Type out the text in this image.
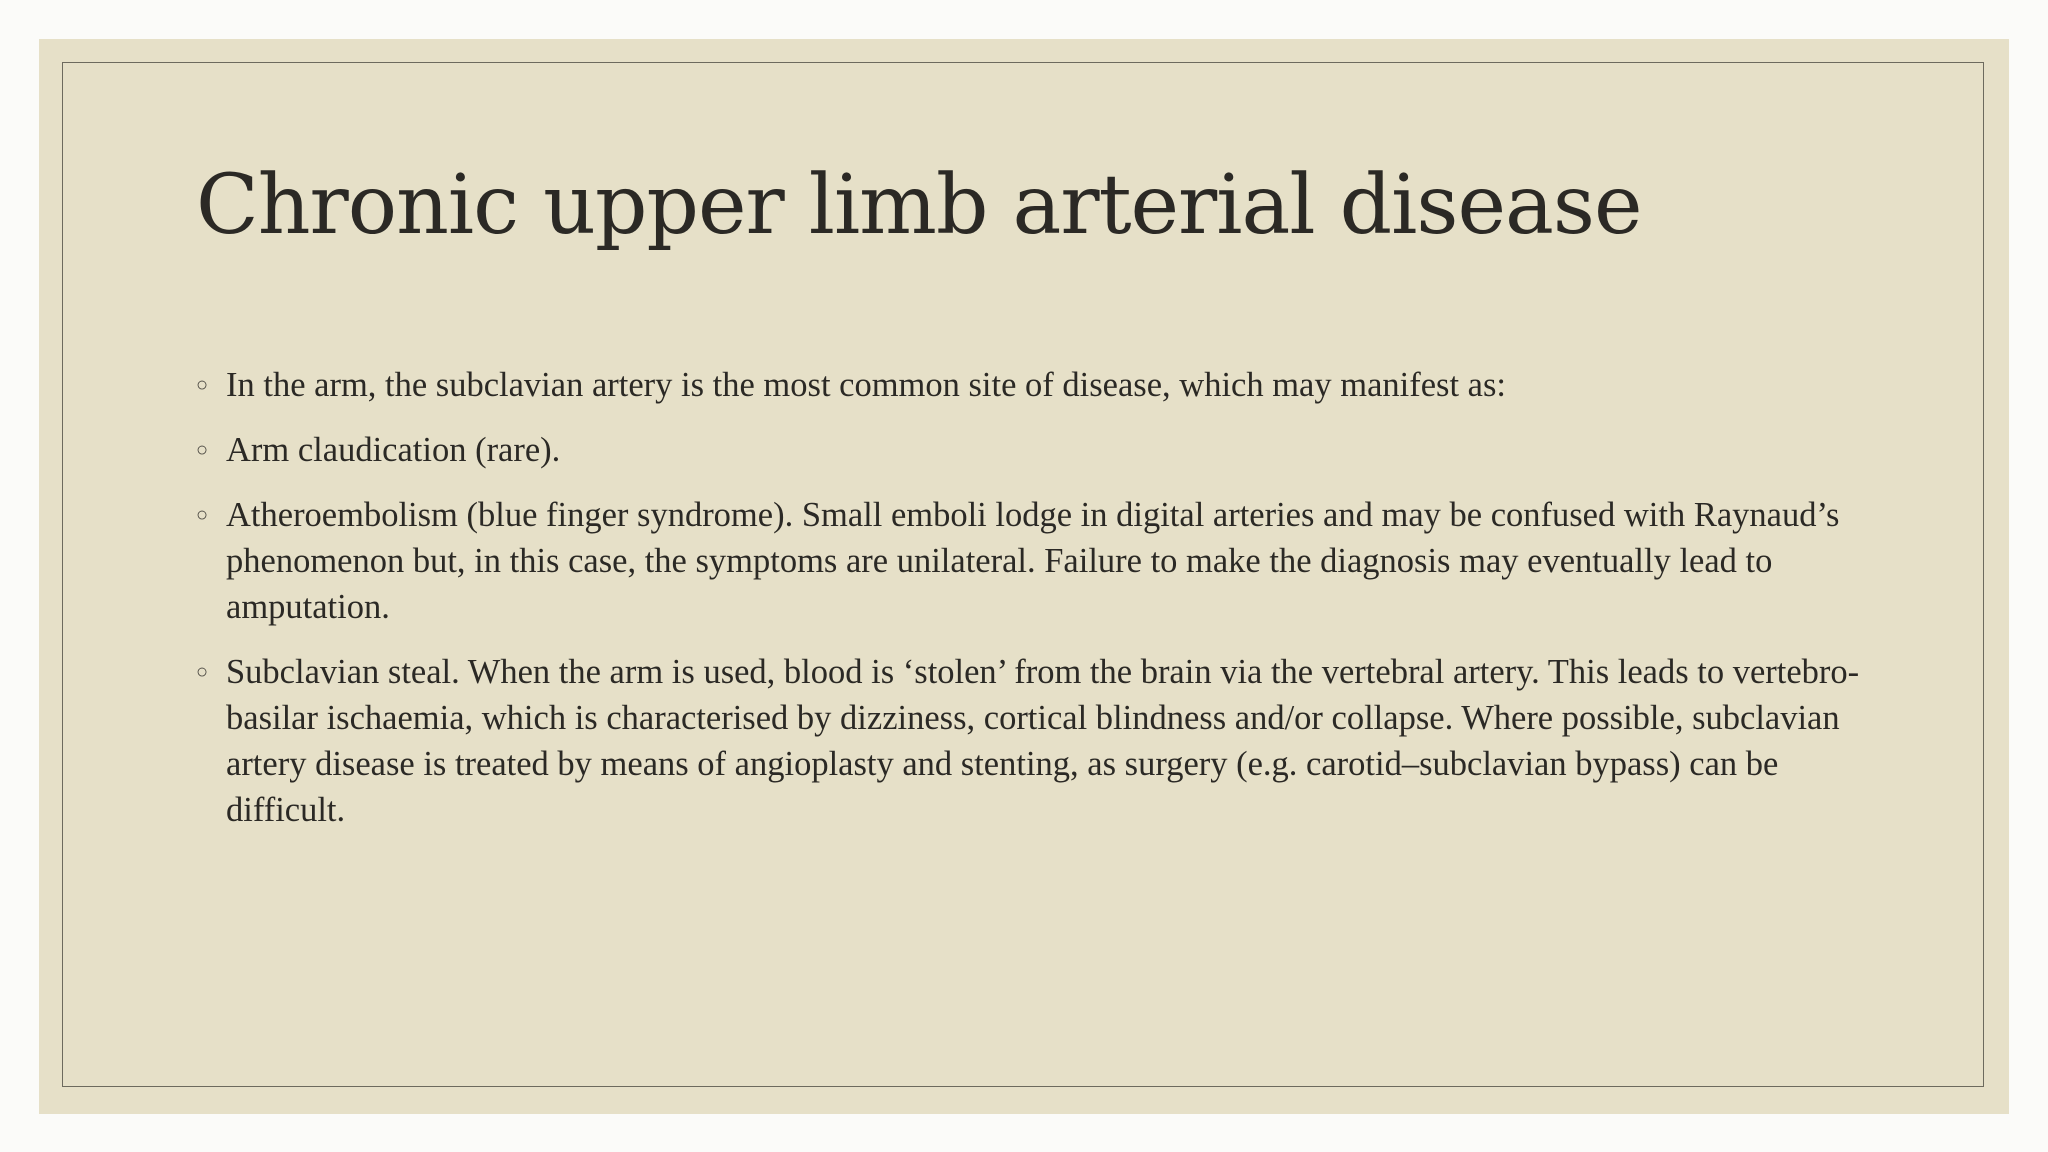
Chronic upper limb arterial disease
○ In the arm, the subclavian artery is the most common site of disease, which may manifest as:
○ Arm claudication (rare).
○ Atheroembolism (blue finger syndrome). Small emboli lodge in digital arteries and may be confused with Raynaud’s phenomenon but, in this case, the symptoms are unilateral. Failure to make the diagnosis may eventually lead to amputation.
○ Subclavian steal. When the arm is used, blood is ‘stolen’ from the brain via the vertebral artery. This leads to vertebro-basilar ischaemia, which is characterised by dizziness, cortical blindness and/or collapse. Where possible, subclavian artery disease is treated by means of angioplasty and stenting, as surgery (e.g. carotid–subclavian bypass) can be difficult.
